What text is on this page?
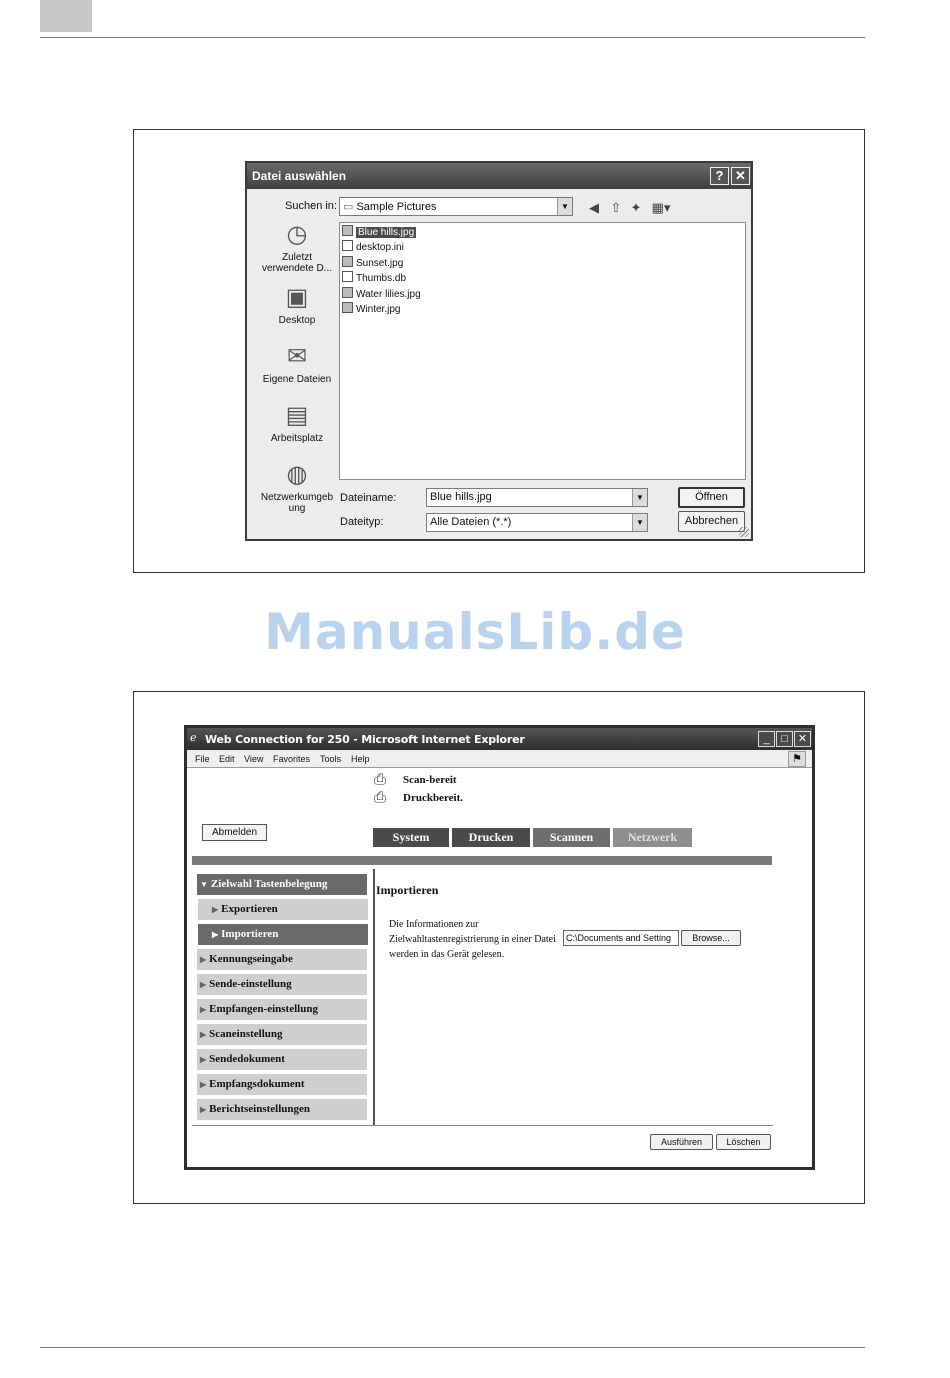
Datei auswählen	? ✕
Suchen in: ▭ Sample Pictures	▼ ◀ ⇧ ✦ ▦▾
◷
Zuletzt verwendete D...
▣
Desktop
✉
Eigene Dateien
▤
Arbeitsplatz
◍
Netzwerkumgeb ung
Blue hills.jpg
desktop.ini
Sunset.jpg
Thumbs.db
Water lilies.jpg
Winter.jpg
Dateiname:	Blue hills.jpg	▼
Dateityp:	Alle Dateien (*.*)	▼
Öffnen
Abbrechen
ManualsLib.de
ℯ Web Connection for 250 - Microsoft Internet Explorer	_	□ ✕
File Edit View Favorites Tools Help	⚑
⎙	Scan-bereit
⎙	Druckbereit.
Abmelden	System	Drucken	Scannen	Netzwerk
▼ Zielwahl Tastenbelegung
▶ Exportieren
▶ Importieren
▶ Kennungseingabe
▶ Sende-einstellung
▶ Empfangen-einstellung
▶ Scaneinstellung
▶ Sendedokument
▶ Empfangsdokument
▶ Berichtseinstellungen
Importieren
Die Informationen zur Zielwahltastenregistrierung in einer Datei werden in das Gerät gelesen.
C:\Documents and Setting	Browse...
Ausführen	Löschen
